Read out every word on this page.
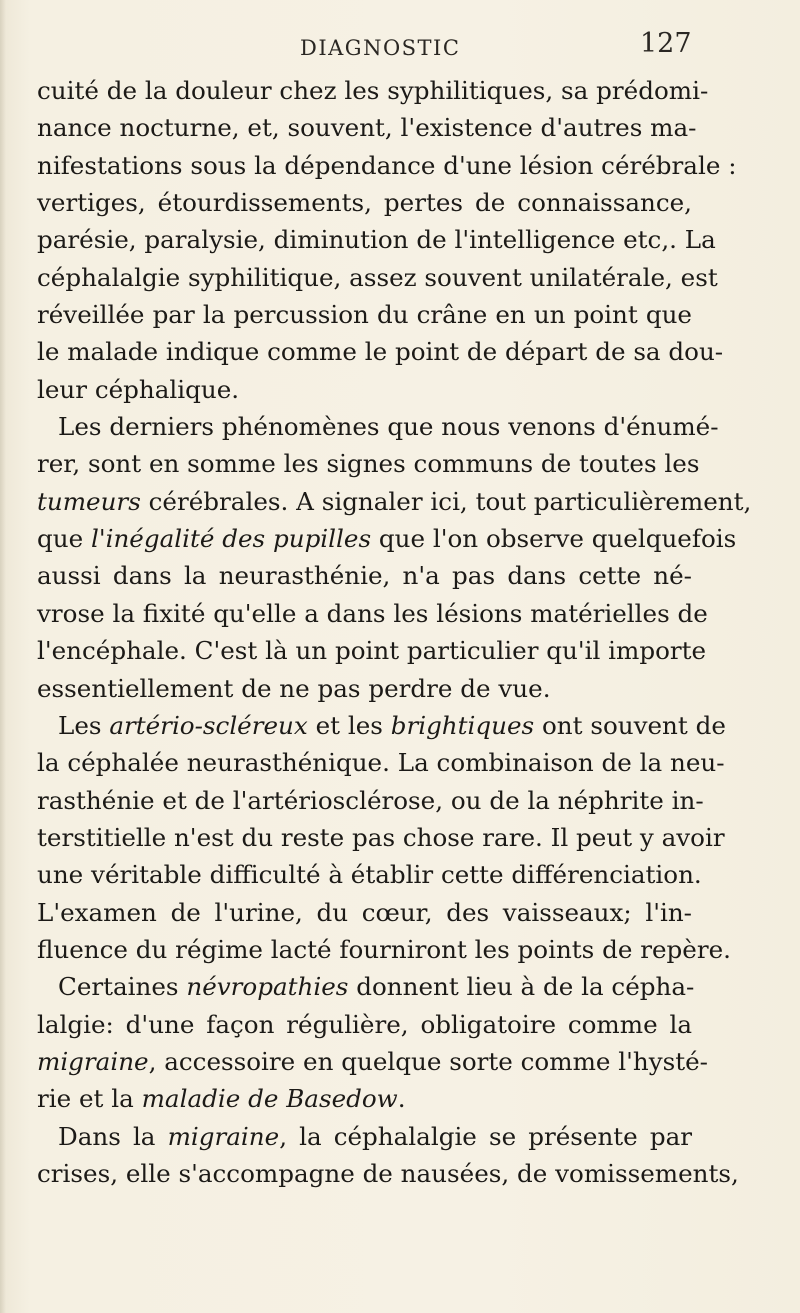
DIAGNOSTIC	127
cuité de la douleur chez les syphilitiques, sa prédomi-
nance nocturne, et, souvent, l'existence d'autres ma-
nifestations sous la dépendance d'une lésion cérébrale :
vertiges, étourdissements, pertes de connaissance,
parésie, paralysie, diminution de l'intelligence etc,. La
céphalalgie syphilitique, assez souvent unilatérale, est
réveillée par la percussion du crâne en un point que
le malade indique comme le point de départ de sa dou-
leur céphalique.
Les derniers phénomènes que nous venons d'énumé-
rer, sont en somme les signes communs de toutes les
tumeurs cérébrales. A signaler ici, tout particulièrement,
que l'inégalité des pupilles que l'on observe quelquefois
aussi dans la neurasthénie, n'a pas dans cette né-
vrose la fixité qu'elle a dans les lésions matérielles de
l'encéphale. C'est là un point particulier qu'il importe
essentiellement de ne pas perdre de vue.
Les artério-scléreux et les brightiques ont souvent de
la céphalée neurasthénique. La combinaison de la neu-
rasthénie et de l'artériosclérose, ou de la néphrite in-
terstitielle n'est du reste pas chose rare. Il peut y avoir
une véritable difficulté à établir cette différenciation.
L'examen de l'urine, du cœur, des vaisseaux; l'in-
fluence du régime lacté fourniront les points de repère.
Certaines névropathies donnent lieu à de la cépha-
lalgie: d'une façon régulière, obligatoire comme la
migraine, accessoire en quelque sorte comme l'hysté-
rie et la maladie de Basedow.
Dans la migraine, la céphalalgie se présente par
crises, elle s'accompagne de nausées, de vomissements,
